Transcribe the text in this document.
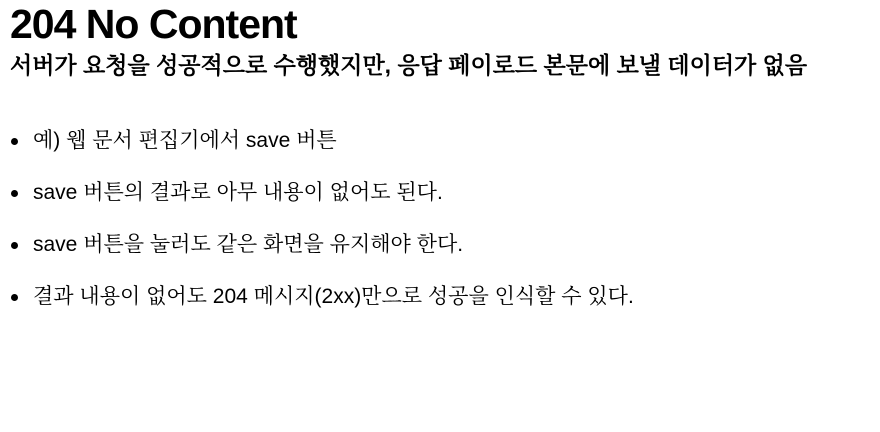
204 No Content
서버가 요청을 성공적으로 수행했지만, 응답 페이로드 본문에 보낼 데이터가 없음
예) 웹 문서 편집기에서 save 버튼
save 버튼의 결과로 아무 내용이 없어도 된다.
save 버튼을 눌러도 같은 화면을 유지해야 한다.
결과 내용이 없어도 204 메시지(2xx)만으로 성공을 인식할 수 있다.
